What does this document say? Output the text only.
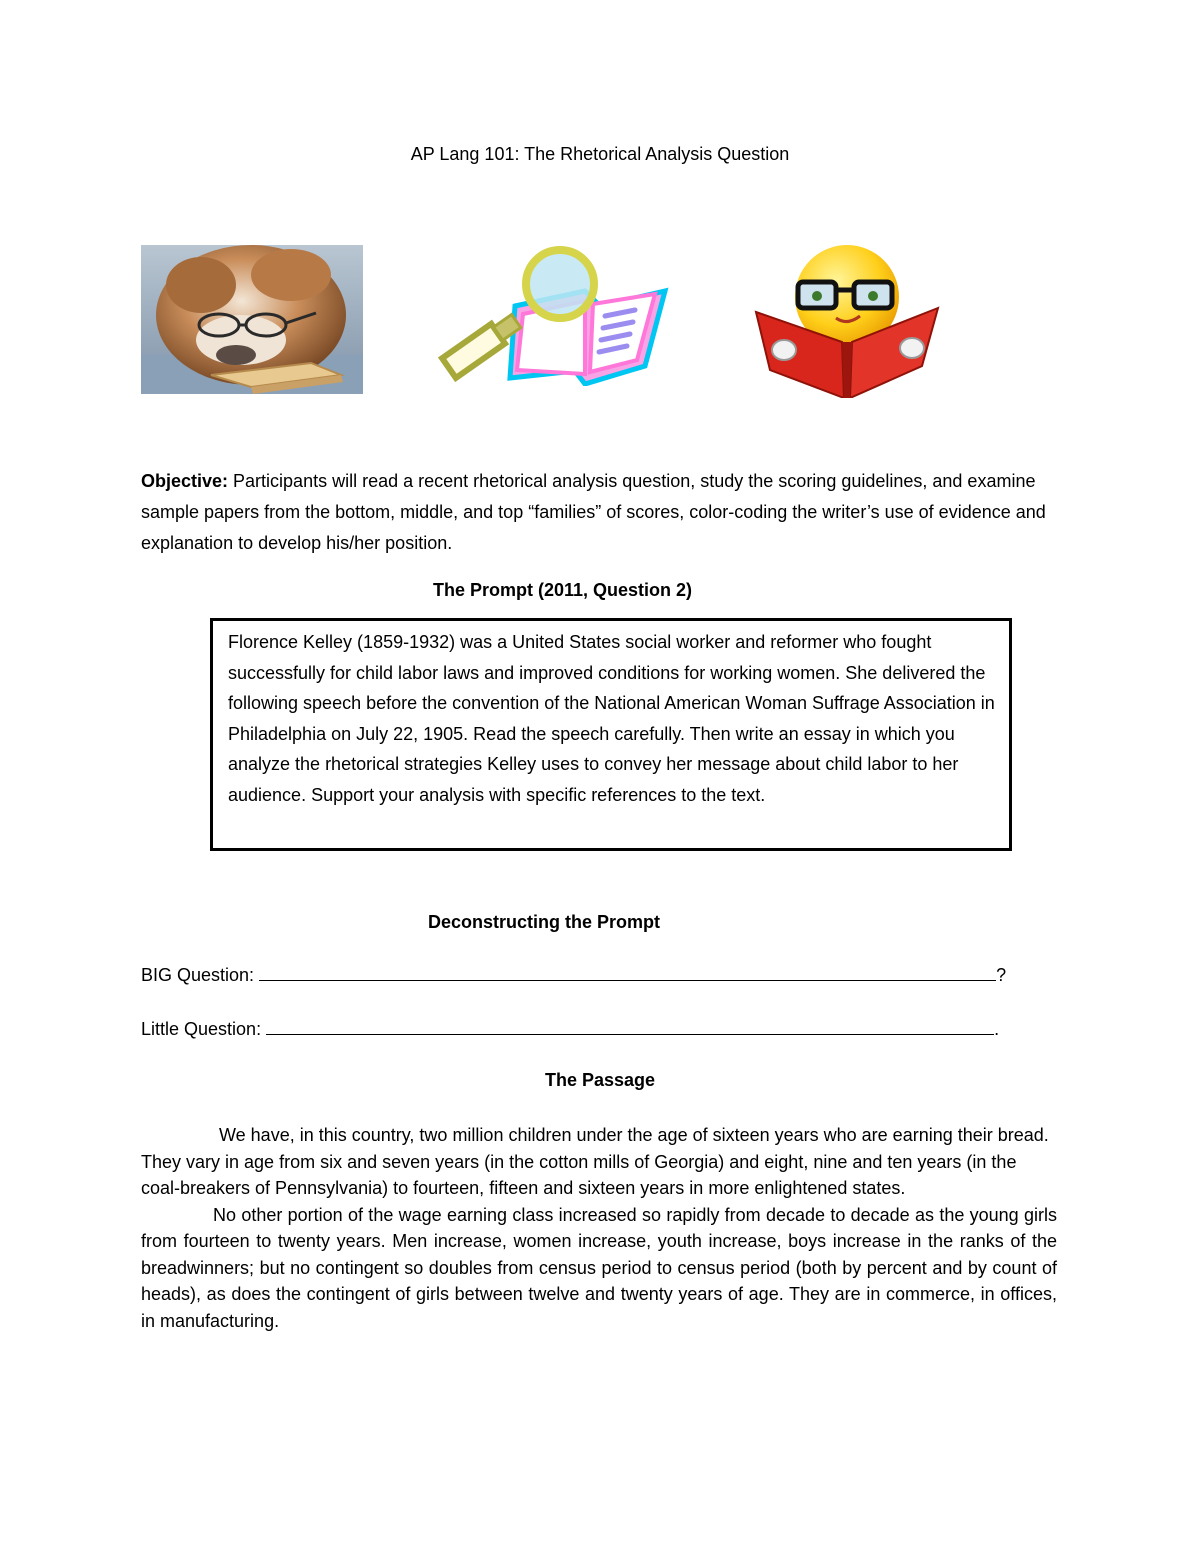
AP Lang 101: The Rhetorical Analysis Question
Objective: Participants will read a recent rhetorical analysis question, study the scoring guidelines, and examine sample papers from the bottom, middle, and top “families” of scores, color-coding the writer’s use of evidence and explanation to develop his/her position.
The Prompt (2011, Question 2)
Florence Kelley (1859-1932) was a United States social worker and reformer who fought successfully for child labor laws and improved conditions for working women. She delivered the following speech before the convention of the National American Woman Suffrage Association in Philadelphia on July 22, 1905. Read the speech carefully. Then write an essay in which you analyze the rhetorical strategies Kelley uses to convey her message about child labor to her audience. Support your analysis with specific references to the text.
Deconstructing the Prompt
BIG Question:	?
Little Question:	.
The Passage

We have, in this country, two million children under the age of sixteen years who are earning their bread. They vary in age from six and seven years (in the cotton mills of Georgia) and eight, nine and ten years (in the coal-breakers of Pennsylvania) to fourteen, fifteen and sixteen years in more enlightened states.

No other portion of the wage earning class increased so rapidly from decade to decade as the young girls from fourteen to twenty years. Men increase, women increase, youth increase, boys increase in the ranks of the breadwinners; but no contingent so doubles from census period to census period (both by percent and by count of heads), as does the contingent of girls between twelve and twenty years of age. They are in commerce, in offices, in manufacturing.
